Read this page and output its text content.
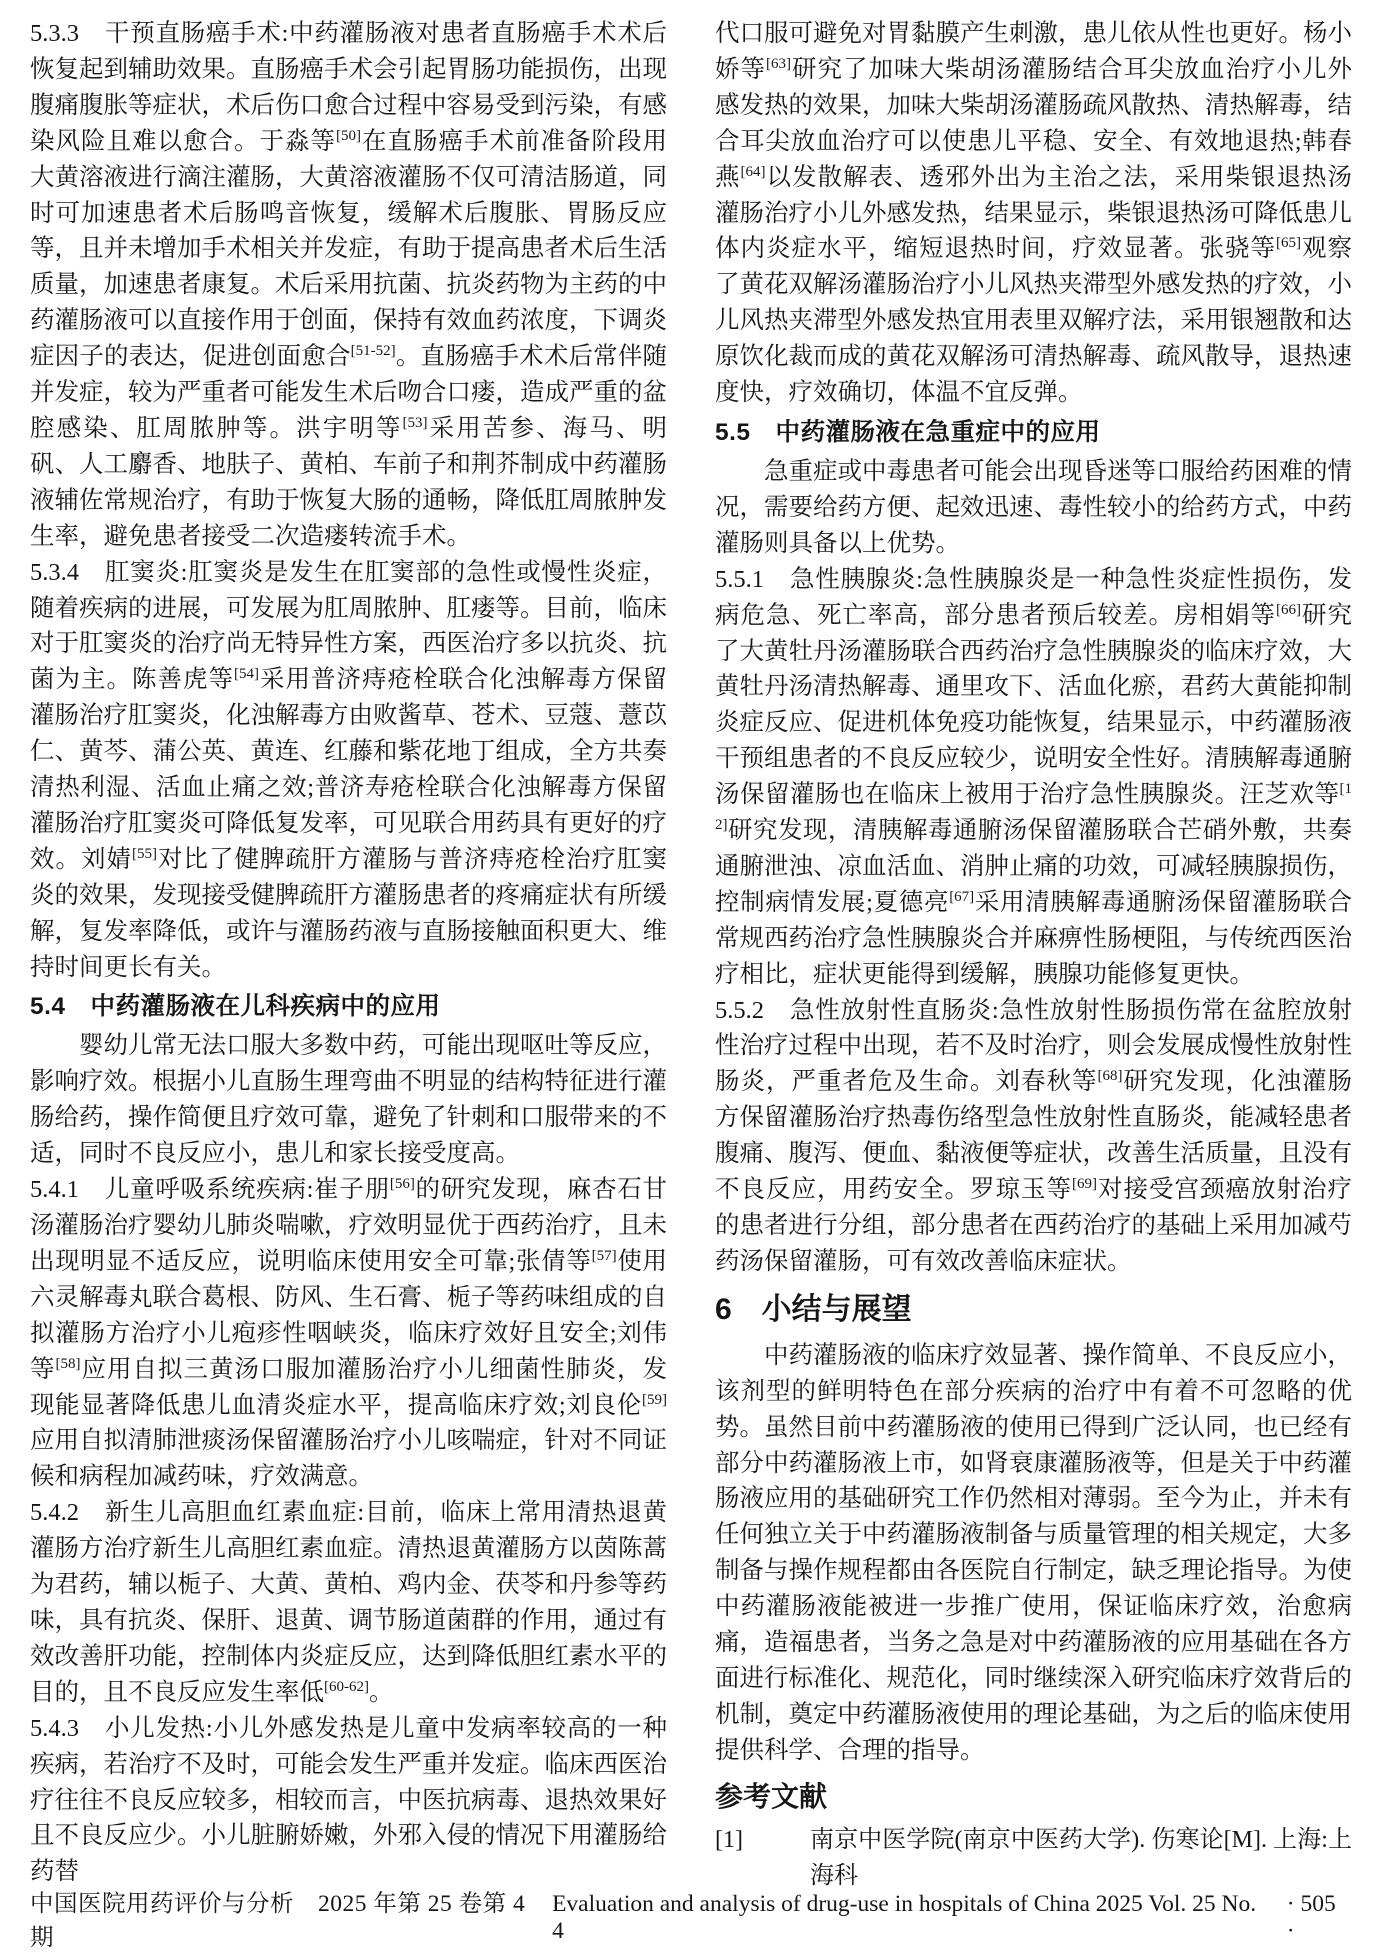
5.3.3　干预直肠癌手术:中药灌肠液对患者直肠癌手术术后恢复起到辅助效果。直肠癌手术会引起胃肠功能损伤，出现腹痛腹胀等症状，术后伤口愈合过程中容易受到污染，有感染风险且难以愈合。于淼等[50]在直肠癌手术前准备阶段用大黄溶液进行滴注灌肠，大黄溶液灌肠不仅可清洁肠道，同时可加速患者术后肠鸣音恢复，缓解术后腹胀、胃肠反应等，且并未增加手术相关并发症，有助于提高患者术后生活质量，加速患者康复。术后采用抗菌、抗炎药物为主药的中药灌肠液可以直接作用于创面，保持有效血药浓度，下调炎症因子的表达，促进创面愈合[51-52]。直肠癌手术术后常伴随并发症，较为严重者可能发生术后吻合口瘘，造成严重的盆腔感染、肛周脓肿等。洪宇明等[53]采用苦参、海马、明矾、人工麝香、地肤子、黄柏、车前子和荆芥制成中药灌肠液辅佐常规治疗，有助于恢复大肠的通畅，降低肛周脓肿发生率，避免患者接受二次造瘘转流手术。

5.3.4　肛窦炎:肛窦炎是发生在肛窦部的急性或慢性炎症，随着疾病的进展，可发展为肛周脓肿、肛瘘等。目前，临床对于肛窦炎的治疗尚无特异性方案，西医治疗多以抗炎、抗菌为主。陈善虎等[54]采用普济痔疮栓联合化浊解毒方保留灌肠治疗肛窦炎，化浊解毒方由败酱草、苍术、豆蔻、薏苡仁、黄芩、蒲公英、黄连、红藤和紫花地丁组成，全方共奏清热利湿、活血止痛之效;普济寿疮栓联合化浊解毒方保留灌肠治疗肛窦炎可降低复发率，可见联合用药具有更好的疗效。刘婧[55]对比了健脾疏肝方灌肠与普济痔疮栓治疗肛窦炎的效果，发现接受健脾疏肝方灌肠患者的疼痛症状有所缓解，复发率降低，或许与灌肠药液与直肠接触面积更大、维持时间更长有关。

5.4　中药灌肠液在儿科疾病中的应用

婴幼儿常无法口服大多数中药，可能出现呕吐等反应，影响疗效。根据小儿直肠生理弯曲不明显的结构特征进行灌肠给药，操作简便且疗效可靠，避免了针刺和口服带来的不适，同时不良反应小，患儿和家长接受度高。

5.4.1　儿童呼吸系统疾病:崔子朋[56]的研究发现，麻杏石甘汤灌肠治疗婴幼儿肺炎喘嗽，疗效明显优于西药治疗，且未出现明显不适反应，说明临床使用安全可靠;张倩等[57]使用六灵解毒丸联合葛根、防风、生石膏、栀子等药味组成的自拟灌肠方治疗小儿疱疹性咽峡炎，临床疗效好且安全;刘伟等[58]应用自拟三黄汤口服加灌肠治疗小儿细菌性肺炎，发现能显著降低患儿血清炎症水平，提高临床疗效;刘良伦[59]应用自拟清肺泄痰汤保留灌肠治疗小儿咳喘症，针对不同证候和病程加减药味，疗效满意。

5.4.2　新生儿高胆血红素血症:目前，临床上常用清热退黄灌肠方治疗新生儿高胆红素血症。清热退黄灌肠方以茵陈蒿为君药，辅以栀子、大黄、黄柏、鸡内金、茯苓和丹参等药味，具有抗炎、保肝、退黄、调节肠道菌群的作用，通过有效改善肝功能，控制体内炎症反应，达到降低胆红素水平的目的，且不良反应发生率低[60-62]。

5.4.3　小儿发热:小儿外感发热是儿童中发病率较高的一种疾病，若治疗不及时，可能会发生严重并发症。临床西医治疗往往不良反应较多，相较而言，中医抗病毒、退热效果好且不良反应少。小儿脏腑娇嫩，外邪入侵的情况下用灌肠给药替

代口服可避免对胃黏膜产生刺激，患儿依从性也更好。杨小娇等[63]研究了加味大柴胡汤灌肠结合耳尖放血治疗小儿外感发热的效果，加味大柴胡汤灌肠疏风散热、清热解毒，结合耳尖放血治疗可以使患儿平稳、安全、有效地退热;韩春燕[64]以发散解表、透邪外出为主治之法，采用柴银退热汤灌肠治疗小儿外感发热，结果显示，柴银退热汤可降低患儿体内炎症水平，缩短退热时间，疗效显著。张骁等[65]观察了黄花双解汤灌肠治疗小儿风热夹滞型外感发热的疗效，小儿风热夹滞型外感发热宜用表里双解疗法，采用银翘散和达原饮化裁而成的黄花双解汤可清热解毒、疏风散导，退热速度快，疗效确切，体温不宜反弹。

5.5　中药灌肠液在急重症中的应用

急重症或中毒患者可能会出现昏迷等口服给药困难的情况，需要给药方便、起效迅速、毒性较小的给药方式，中药灌肠则具备以上优势。

5.5.1　急性胰腺炎:急性胰腺炎是一种急性炎症性损伤，发病危急、死亡率高，部分患者预后较差。房相娟等[66]研究了大黄牡丹汤灌肠联合西药治疗急性胰腺炎的临床疗效，大黄牡丹汤清热解毒、通里攻下、活血化瘀，君药大黄能抑制炎症反应、促进机体免疫功能恢复，结果显示，中药灌肠液干预组患者的不良反应较少，说明安全性好。清胰解毒通腑汤保留灌肠也在临床上被用于治疗急性胰腺炎。汪芝欢等[12]研究发现，清胰解毒通腑汤保留灌肠联合芒硝外敷，共奏通腑泄浊、凉血活血、消肿止痛的功效，可减轻胰腺损伤，控制病情发展;夏德亮[67]采用清胰解毒通腑汤保留灌肠联合常规西药治疗急性胰腺炎合并麻痹性肠梗阻，与传统西医治疗相比，症状更能得到缓解，胰腺功能修复更快。

5.5.2　急性放射性直肠炎:急性放射性肠损伤常在盆腔放射性治疗过程中出现，若不及时治疗，则会发展成慢性放射性肠炎，严重者危及生命。刘春秋等[68]研究发现，化浊灌肠方保留灌肠治疗热毒伤络型急性放射性直肠炎，能减轻患者腹痛、腹泻、便血、黏液便等症状，改善生活质量，且没有不良反应，用药安全。罗琼玉等[69]对接受宫颈癌放射治疗的患者进行分组，部分患者在西药治疗的基础上采用加减芍药汤保留灌肠，可有效改善临床症状。

6　小结与展望

中药灌肠液的临床疗效显著、操作简单、不良反应小，该剂型的鲜明特色在部分疾病的治疗中有着不可忽略的优势。虽然目前中药灌肠液的使用已得到广泛认同，也已经有部分中药灌肠液上市，如肾衰康灌肠液等，但是关于中药灌肠液应用的基础研究工作仍然相对薄弱。至今为止，并未有任何独立关于中药灌肠液制备与质量管理的相关规定，大多制备与操作规程都由各医院自行制定，缺乏理论指导。为使中药灌肠液能被进一步推广使用，保证临床疗效，治愈病痛，造福患者，当务之急是对中药灌肠液的应用基础在各方面进行标准化、规范化，同时继续深入研究临床疗效背后的机制，奠定中药灌肠液使用的理论基础，为之后的临床使用提供科学、合理的指导。

参考文献
[1]	南京中医学院(南京中医药大学). 伤寒论[M]. 上海:上海科
中国医院用药评价与分析　2025 年第 25 卷第 4 期
Evaluation and analysis of drug-use in hospitals of China 2025 Vol. 25 No. 4
· 505 ·
